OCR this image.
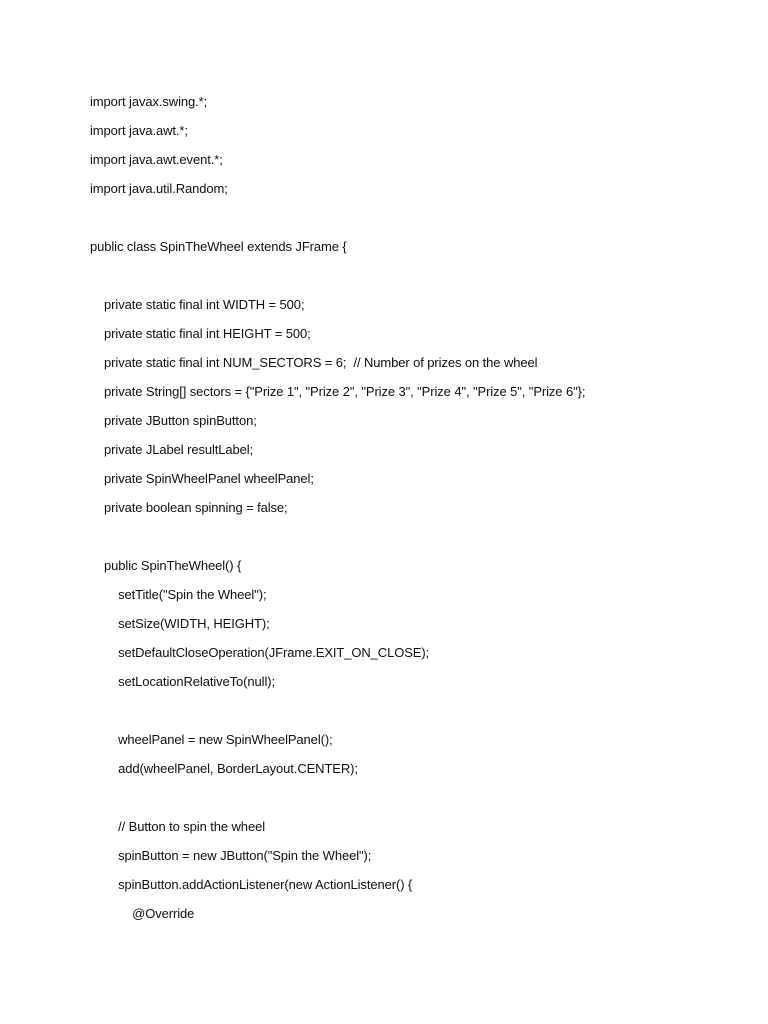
import javax.swing.*;
import java.awt.*;
import java.awt.event.*;
import java.util.Random;
public class SpinTheWheel extends JFrame {
private static final int WIDTH = 500;
private static final int HEIGHT = 500;
private static final int NUM_SECTORS = 6;  // Number of prizes on the wheel
private String[] sectors = {"Prize 1", "Prize 2", "Prize 3", "Prize 4", "Prize 5", "Prize 6"};
private JButton spinButton;
private JLabel resultLabel;
private SpinWheelPanel wheelPanel;
private boolean spinning = false;
public SpinTheWheel() {
setTitle("Spin the Wheel");
setSize(WIDTH, HEIGHT);
setDefaultCloseOperation(JFrame.EXIT_ON_CLOSE);
setLocationRelativeTo(null);
wheelPanel = new SpinWheelPanel();
add(wheelPanel, BorderLayout.CENTER);
// Button to spin the wheel
spinButton = new JButton("Spin the Wheel");
spinButton.addActionListener(new ActionListener() {
@Override
